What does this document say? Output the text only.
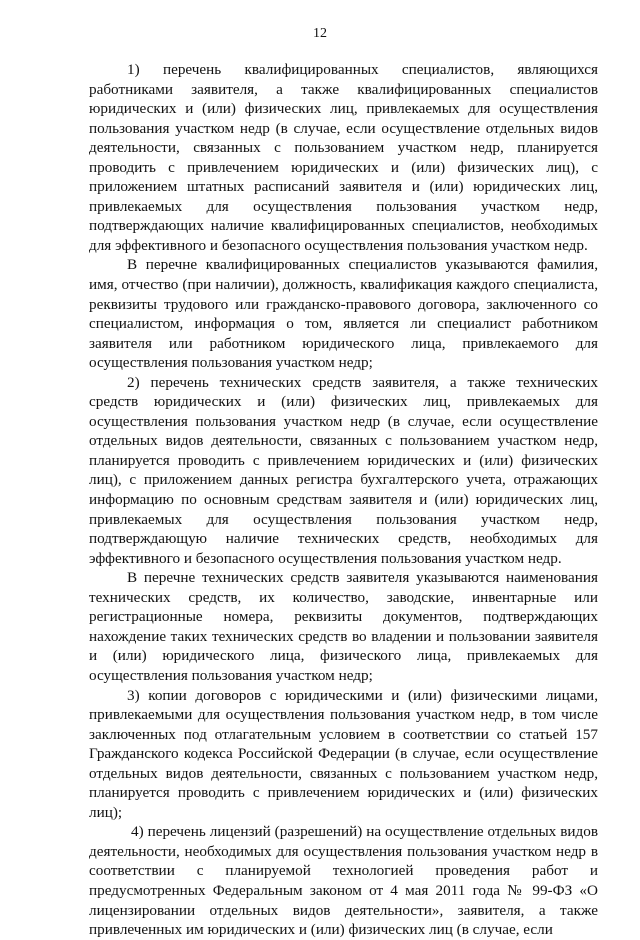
12

1) перечень квалифицированных специалистов, являющихся работниками заявителя, а также квалифицированных специалистов юридических и (или) физических лиц, привлекаемых для осуществления пользования участком недр (в случае, если осуществление отдельных видов деятельности, связанных с пользованием участком недр, планируется проводить с привлечением юридических и (или) физических лиц), с приложением штатных расписаний заявителя и (или) юридических лиц, привлекаемых для осуществления пользования участком недр, подтверждающих наличие квалифицированных специалистов, необходимых для эффективного и безопасного осуществления пользования участком недр.

В перечне квалифицированных специалистов указываются фамилия, имя, отчество (при наличии), должность, квалификация каждого специалиста, реквизиты трудового или гражданско-правового договора, заключенного со специалистом, информация о том, является ли специалист работником заявителя или работником юридического лица, привлекаемого для осуществления пользования участком недр;

2) перечень технических средств заявителя, а также технических средств юридических и (или) физических лиц, привлекаемых для осуществления пользования участком недр (в случае, если осуществление отдельных видов деятельности, связанных с пользованием участком недр, планируется проводить с привлечением юридических и (или) физических лиц), с приложением данных регистра бухгалтерского учета, отражающих информацию по основным средствам заявителя и (или) юридических лиц, привлекаемых для осуществления пользования участком недр, подтверждающую наличие технических средств, необходимых для эффективного и безопасного осуществления пользования участком недр.

В перечне технических средств заявителя указываются наименования технических средств, их количество, заводские, инвентарные или регистрационные номера, реквизиты документов, подтверждающих нахождение таких технических средств во владении и пользовании заявителя и (или) юридического лица, физического лица, привлекаемых для осуществления пользования участком недр;

3) копии договоров с юридическими и (или) физическими лицами, привлекаемыми для осуществления пользования участком недр, в том числе заключенных под отлагательным условием в соответствии со статьей 157 Гражданского кодекса Российской Федерации (в случае, если осуществление отдельных видов деятельности, связанных с пользованием участком недр, планируется проводить с привлечением юридических и (или) физических лиц);

4) перечень лицензий (разрешений) на осуществление отдельных видов деятельности, необходимых для осуществления пользования участком недр в соответствии с планируемой технологией проведения работ и предусмотренных Федеральным законом от 4 мая 2011 года № 99-ФЗ «О лицензировании отдельных видов деятельности», заявителя, а также привлеченных им юридических и (или) физических лиц (в случае, если
